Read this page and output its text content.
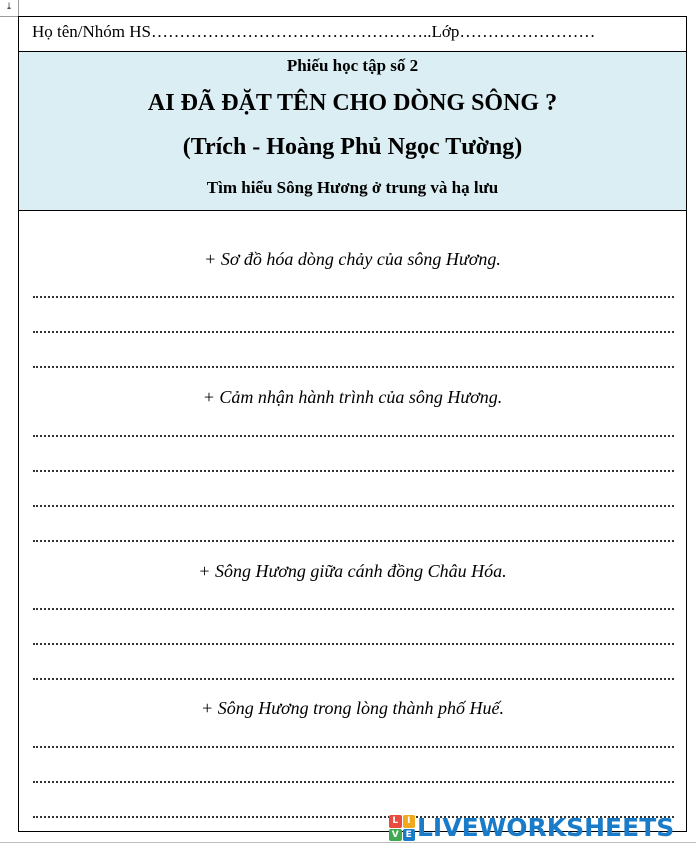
⤓
Họ tên/Nhóm HS…………………………………………..Lớp……………………
Phiếu học tập số 2
AI ĐÃ ĐẶT TÊN CHO DÒNG SÔNG ?
(Trích - Hoàng Phủ Ngọc Tường)
Tìm hiểu Sông Hương ở trung và hạ lưu
+ Sơ đồ hóa dòng chảy của sông Hương.
+ Cảm nhận hành trình của sông Hương.
+ Sông Hương giữa cánh đồng Châu Hóa.
+ Sông Hương trong lòng thành phố Huế.
L I
V E LIVEWORKSHEETS
